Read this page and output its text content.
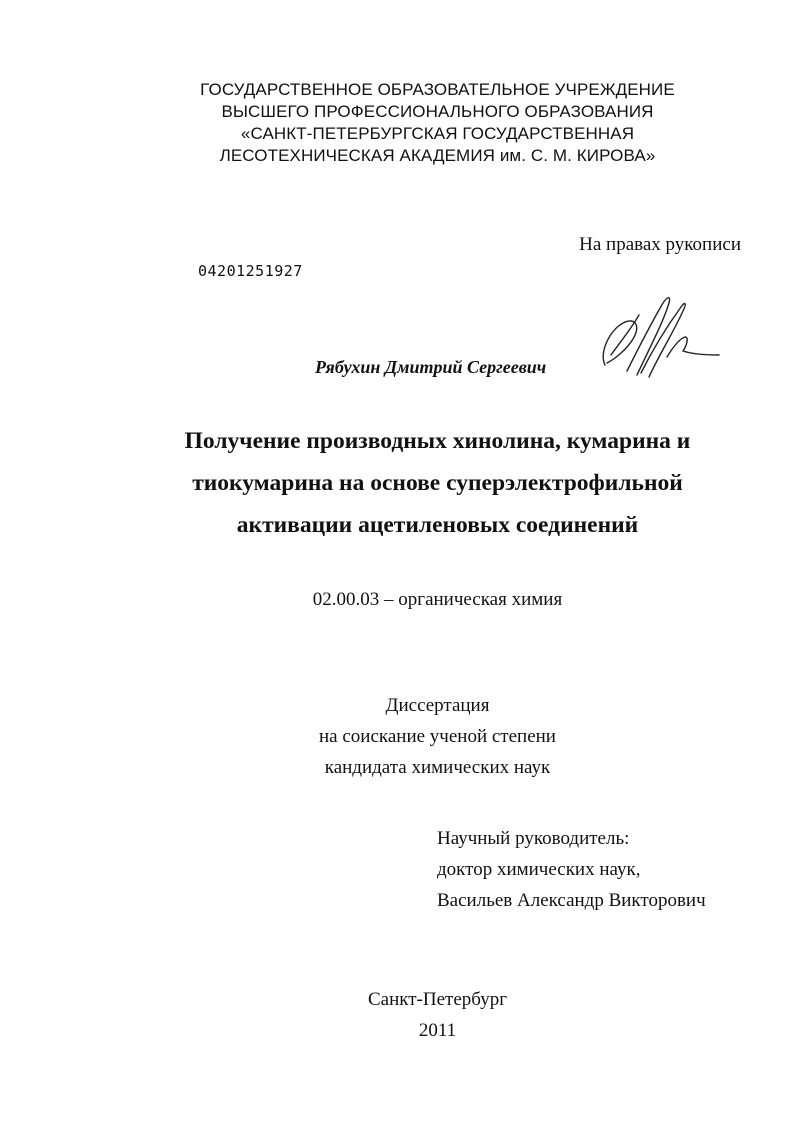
ГОСУДАРСТВЕННОЕ ОБРАЗОВАТЕЛЬНОЕ УЧРЕЖДЕНИЕ
ВЫСШЕГО ПРОФЕССИОНАЛЬНОГО ОБРАЗОВАНИЯ
«САНКТ-ПЕТЕРБУРГСКАЯ ГОСУДАРСТВЕННАЯ
ЛЕСОТЕХНИЧЕСКАЯ АКАДЕМИЯ им. С. М. КИРОВА»
На правах рукописи
04201251927
Рябухин Дмитрий Сергеевич
Получение производных хинолина, кумарина и
тиокумарина на основе суперэлектрофильной
активации ацетиленовых соединений
02.00.03 – органическая химия
Диссертация
на соискание ученой степени
кандидата химических наук
Научный руководитель:
доктор химических наук,
Васильев Александр Викторович
Санкт-Петербург
2011
